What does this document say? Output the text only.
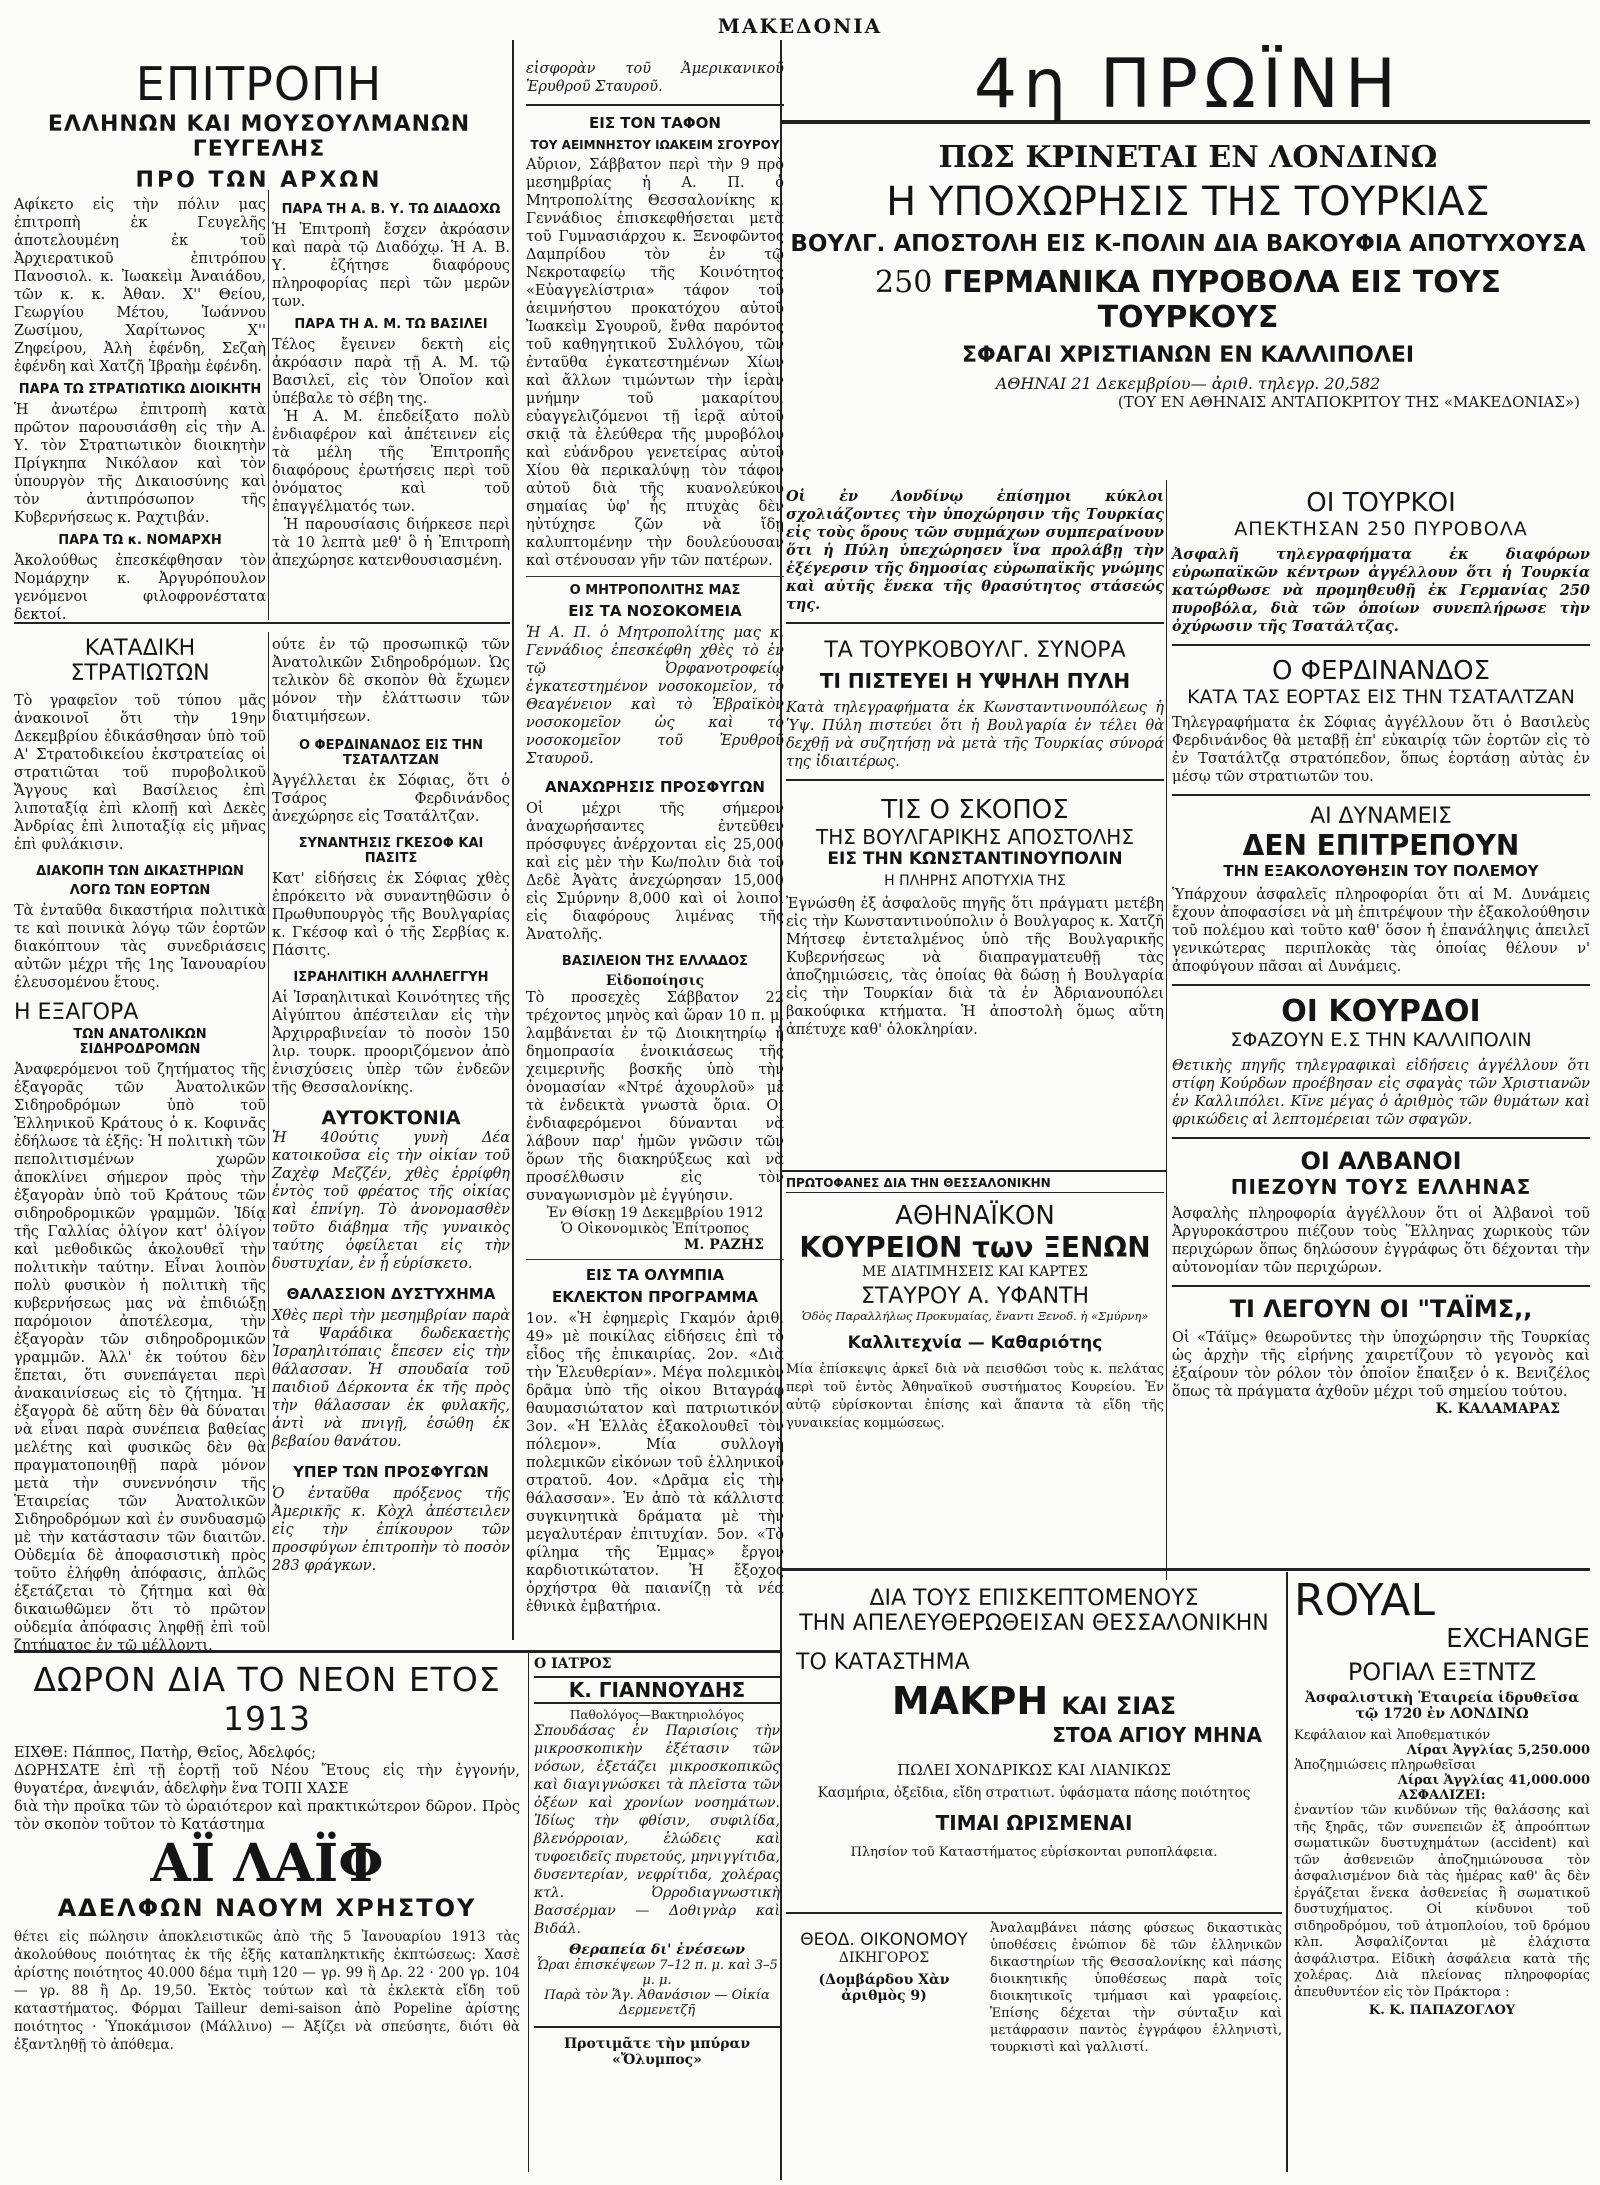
ΜΑΚΕΔΟΝΙΑ
ΕΠΙΤΡΟΠΗ
ΕΛΛΗΝΩΝ ΚΑΙ ΜΟΥΣΟΥΛΜΑΝΩΝ ΓΕΥΓΕΛΗΣ
ΠΡΟ ΤΩΝ ΑΡΧΩΝ

Αφίκετο εἰς τὴν πόλιν μας ἐπιτροπὴ ἐκ Γευγελῆς ἀποτελουμένη ἐκ τοῦ Ἀρχιερατικοῦ ἐπιτρόπου Πανοσιολ. κ. Ἰωακεὶμ Ἀναιάδου, τῶν κ. κ. Ἀθαν. Χ'' Θείου, Γεωργίου Μέτου, Ἰωάννου Ζωσίμου, Χαρίτωνος Χ'' Ζηφείρου, Ἀλὴ ἐφένδη, Σεζαὴ ἐφένδη καὶ Χατζῆ Ἰβραὴμ ἐφένδη.

ΠΑΡΑ ΤΩ ΣΤΡΑΤΙΩΤΙΚΩ ΔΙΟΙΚΗΤΗ

Ἡ ἀνωτέρω ἐπιτροπὴ κατὰ πρῶτον παρουσιάσθη εἰς τὴν Α. Υ. τὸν Στρατιωτικὸν διοικητὴν Πρίγκηπα Νικόλαον καὶ τὸν ὑπουργὸν τῆς Δικαιοσύνης καὶ τὸν ἀντιπρόσωπον τῆς Κυβερνήσεως κ. Ραχτιβάν.

ΠΑΡΑ ΤΩ κ. ΝΟΜΑΡΧΗ

Ἀκολούθως ἐπεσκέφθησαν τὸν Νομάρχην κ. Ἀργυρόπουλον γενόμενοι φιλοφρονέστατα δεκτοί.

ΠΑΡΑ ΤΗ Α. Β. Υ. ΤΩ ΔΙΑΔΟΧΩ

Ἡ Ἐπιτροπὴ ἔσχεν ἀκρόασιν καὶ παρὰ τῷ Διαδόχῳ. Ἡ Α. Β. Υ. ἐζήτησε διαφόρους πληροφορίας περὶ τῶν μερῶν των.

ΠΑΡΑ ΤΗ Α. Μ. ΤΩ ΒΑΣΙΛΕΙ

Τέλος ἔγεινεν δεκτὴ εἰς ἀκρόασιν παρὰ τῇ Α. Μ. τῷ Βασιλεῖ, εἰς τὸν Ὁποῖον καὶ ὑπέβαλε τὸ σέβη της.

Ἡ Α. Μ. ἐπεδείξατο πολὺ ἐνδιαφέρον καὶ ἀπέτεινεν εἰς τὰ μέλη τῆς Ἐπιτροπῆς διαφόρους ἐρωτήσεις περὶ τοῦ ὀνόματος καὶ τοῦ ἐπαγγέλματός των.

Ἡ παρουσίασις διήρκεσε περὶ τὰ 10 λεπτὰ μεθ' ὃ ἡ Ἐπιτροπὴ ἀπεχώρησε κατενθουσιασμένη.

ΚΑΤΑΔΙΚΗ ΣΤΡΑΤΙΩΤΩΝ

Τὸ γραφεῖον τοῦ τύπου μᾶς ἀνακοινοῖ ὅτι τὴν 19ην Δεκεμβρίου ἐδικάσθησαν ὑπὸ τοῦ Α' Στρατοδικείου ἐκστρατείας οἱ στρατιῶται τοῦ πυροβολικοῦ Ἄγγους καὶ Βασίλειος ἐπὶ λιποταξίᾳ ἐπὶ κλοπῇ καὶ Δεκὲς Ἀνδρίας ἐπὶ λιποταξίᾳ εἰς μῆνας ἐπὶ φυλάκισιν.

ΔΙΑΚΟΠΗ ΤΩΝ ΔΙΚΑΣΤΗΡΙΩΝ
ΛΟΓΩ ΤΩΝ ΕΟΡΤΩΝ

Τὰ ἐνταῦθα δικαστήρια πολιτικὰ τε καὶ ποινικὰ λόγῳ τῶν ἑορτῶν διακόπτουν τὰς συνεδριάσεις αὐτῶν μέχρι τῆς 1ης Ἰανουαρίου ἐλευσομένου ἔτους.

Η ΕΞΑΓΟΡΑ
ΤΩΝ ΑΝΑΤΟΛΙΚΩΝ ΣΙΔΗΡΟΔΡΟΜΩΝ

Ἀναφερόμενοι τοῦ ζητήματος τῆς ἐξαγορᾶς τῶν Ἀνατολικῶν Σιδηροδρόμων ὑπὸ τοῦ Ἑλληνικοῦ Κράτους ὁ κ. Κοφινᾶς ἐδήλωσε τὰ ἑξῆς: Ἡ πολιτικὴ τῶν πεπολιτισμένων χωρῶν ἀποκλίνει σήμερον πρὸς τὴν ἐξαγορὰν ὑπὸ τοῦ Κράτους τῶν σιδηροδρομικῶν γραμμῶν. Ἰδίᾳ τῆς Γαλλίας ὀλίγον κατ' ὀλίγον καὶ μεθοδικῶς ἀκολουθεῖ τὴν πολιτικὴν ταύτην. Εἶναι λοιπὸν πολὺ φυσικὸν ἡ πολιτικὴ τῆς κυβερνήσεως μας νὰ ἐπιδιώξῃ παρόμοιον ἀποτέλεσμα, τὴν ἐξαγορὰν τῶν σιδηροδρομικῶν γραμμῶν. Ἀλλ' ἐκ τούτου δὲν ἕπεται, ὅτι συνεπάγεται περὶ ἀνακαινίσεως εἰς τὸ ζήτημα. Ἡ ἐξαγορὰ δὲ αὕτη δὲν θὰ δύναται νὰ εἶναι παρὰ συνέπεια βαθείας μελέτης καὶ φυσικῶς δὲν θὰ πραγματοποιηθῇ παρὰ μόνον μετὰ τὴν συνεννόησιν τῆς Ἑταιρείας τῶν Ἀνατολικῶν Σιδηροδρόμων καὶ ἐν συνδυασμῷ μὲ τὴν κατάστασιν τῶν διαιτῶν. Οὐδεμία δὲ ἀποφασιστικὴ πρὸς τοῦτο ἐλήφθη ἀπόφασις, ἁπλῶς ἐξετάζεται τὸ ζήτημα καὶ θὰ δικαιωθῶμεν ὅτι τὸ πρῶτον οὐδεμία ἀπόφασις ληφθῇ ἐπὶ τοῦ ζητήματος ἐν τῷ μέλλοντι.

ούτε ἐν τῷ προσωπικῷ τῶν Ἀνατολικῶν Σιδηροδρόμων. Ὡς τελικὸν δὲ σκοπὸν θὰ ἔχωμεν μόνον τὴν ἐλάττωσιν τῶν διατιμήσεων.

Ο ΦΕΡΔΙΝΑΝΔΟΣ ΕΙΣ ΤΗΝ ΤΣΑΤΑΛΤΖΑΝ

Ἀγγέλλεται ἐκ Σόφιας, ὅτι ὁ Τσάρος Φερδινάνδος ἀνεχώρησε εἰς Τσατάλτζαν.

ΣΥΝΑΝΤΗΣΙΣ ΓΚΕΣΟΦ ΚΑΙ ΠΑΣΙΤΣ

Κατ' εἰδήσεις ἐκ Σόφιας χθὲς ἐπρόκειτο νὰ συναντηθῶσιν ὁ Πρωθυπουργὸς τῆς Βουλγαρίας κ. Γκέσοφ καὶ ὁ τῆς Σερβίας κ. Πάσιτς.

ΙΣΡΑΗΛΙΤΙΚΗ ΑΛΛΗΛΕΓΓΥΗ

Αἱ Ἰσραηλιτικαὶ Κοινότητες τῆς Αἰγύπτου ἀπέστειλαν εἰς τὴν Ἀρχιρραβινείαν τὸ ποσὸν 150 λιρ. τουρκ. προοριζόμενον ἀπὸ ἐνισχύσεις ὑπὲρ τῶν ἐνδεῶν τῆς Θεσσαλονίκης.

ΑΥΤΟΚΤΟΝΙΑ

Ἡ 40ούτις γυνὴ Δέα κατοικοῦσα εἰς τὴν οἰκίαν τοῦ Ζαχὲφ Μεζζέν, χθὲς ἐρρίφθη ἐντὸς τοῦ φρέατος τῆς οἰκίας καὶ ἐπνίγη. Τὸ ἀνονομασθὲν τοῦτο διάβημα τῆς γυναικὸς ταύτης ὀφείλεται εἰς τὴν δυστυχίαν, ἐν ᾗ εὑρίσκετο.

ΘΑΛΑΣΣΙΟΝ ΔΥΣΤΥΧΗΜΑ

Χθὲς περὶ τὴν μεσημβρίαν παρὰ τὰ Ψαράδικα δωδεκαετὴς Ἰσραηλιτόπαις ἔπεσεν εἰς τὴν θάλασσαν. Ἡ σπουδαία τοῦ παιδιοῦ Δέρκοντα ἐκ τῆς πρὸς τὴν θάλασσαν ἐκ φυλακῆς, ἀντὶ νὰ πνιγῇ, ἐσώθη ἐκ βεβαίου θανάτου.

ΥΠΕΡ ΤΩΝ ΠΡΟΣΦΥΓΩΝ

Ὁ ἐνταῦθα πρόξενος τῆς Ἀμερικῆς κ. Κὸχλ ἀπέστειλεν εἰς τὴν ἐπίκουρον τῶν προσφύγων ἐπιτροπὴν τὸ ποσὸν 283 φράγκων.

εἰσφορὰν τοῦ Ἀμερικανικοῦ Ἐρυθροῦ Σταυροῦ.

ΕΙΣ ΤΟΝ ΤΑΦΟΝ
ΤΟΥ ΑΕΙΜΝΗΣΤΟΥ ΙΩΑΚΕΙΜ ΣΓΟΥΡΟΥ

Αὔριον, Σάββατον περὶ τὴν 9 πρὸ μεσημβρίας ἡ Α. Π. ὁ Μητροπολίτης Θεσσαλονίκης κ. Γεννάδιος ἐπισκεφθήσεται μετὰ τοῦ Γυμνασιάρχου κ. Ξενοφῶντος Δαμπρίδου τὸν ἐν τῷ Νεκροταφείῳ τῆς Κοινότητος «Εὐαγγελίστρια» τάφον τοῦ ἀειμνήστου προκατόχου αὐτοῦ Ἰωακεὶμ Σγουροῦ, ἔνθα παρόντος τοῦ καθηγητικοῦ Συλλόγου, τῶν ἐνταῦθα ἐγκατεστημένων Χίων καὶ ἄλλων τιμώντων τὴν ἱερὰν μνήμην τοῦ μακαρίτου, εὐαγγελιζόμενοι τῇ ἱερᾷ αὐτοῦ σκιᾷ τὰ ἐλεύθερα τῆς μυροβόλου καὶ εὐάνδρου γενετείρας αὐτοῦ Χίου θὰ περικαλύψῃ τὸν τάφον αὐτοῦ διὰ τῆς κυανολεύκου σημαίας ὑφ' ἧς πτυχὰς δὲν ηὐτύχησε ζῶν νὰ ἴδῃ καλυπτομένην τὴν δουλεύουσαν καὶ στένουσαν γῆν τῶν πατέρων.

Ο ΜΗΤΡΟΠΟΛΙΤΗΣ ΜΑΣ
ΕΙΣ ΤΑ ΝΟΣΟΚΟΜΕΙΑ

Ἡ Α. Π. ὁ Μητροπολίτης μας κ. Γεννάδιος ἐπεσκέφθη χθὲς τὸ ἐν τῷ Ὀρφανοτροφείῳ ἐγκατεστημένον νοσοκομεῖον, τὸ Θεαγένειον καὶ τὸ Ἐβραϊκὸν νοσοκομεῖον ὡς καὶ τὸ νοσοκομεῖον τοῦ Ἐρυθροῦ Σταυροῦ.

ΑΝΑΧΩΡΗΣΙΣ ΠΡΟΣΦΥΓΩΝ

Οἱ μέχρι τῆς σήμερον ἀναχωρήσαντες ἐντεῦθεν πρόσφυγες ἀνέρχονται εἰς 25,000 καὶ εἰς μὲν τὴν Κω/πολιν διὰ τοῦ Δεδὲ Ἀγὰτς ἀνεχώρησαν 15,000 εἰς Σμύρνην 8,000 καὶ οἱ λοιποὶ εἰς διαφόρους λιμένας τῆς Ἀνατολῆς.

ΒΑΣΙΛΕΙΟΝ ΤΗΣ ΕΛΛΑΔΟΣ
Εἰδοποίησις

Τὸ προσεχὲς Σάββατον 22 τρέχοντος μηνὸς καὶ ὥραν 10 π. μ. λαμβάνεται ἐν τῷ Διοικητηρίῳ ἡ δημοπρασία ἐνοικιάσεως τῆς χειμερινῆς βοσκῆς ὑπὸ τὴν ὀνομασίαν «Ντρέ ἀχουρλοῦ» μὲ τὰ ἐνδεικτὰ γνωστὰ ὅρια. Οἱ ἐνδιαφερόμενοι δύνανται νὰ λάβουν παρ' ἡμῶν γνῶσιν τῶν ὅρων τῆς διακηρύξεως καὶ νὰ προσέλθωσιν εἰς τὸν συναγωνισμὸν μὲ ἐγγύησιν.

Ἐν Θίσκῃ 19 Δεκεμβρίου 1912
Ὁ Οἰκονομικὸς Ἐπίτροπος
Μ. ΡΑΖΗΣ
ΕΙΣ ΤΑ ΟΛΥΜΠΙΑ
ΕΚΛΕΚΤΟΝ ΠΡΟΓΡΑΜΜΑ

1ον. «Ἡ ἐφημερὶς Γκαμόν ἀριθ. 49» μὲ ποικίλας εἰδήσεις ἐπὶ τὸ εἶδος τῆς ἐπικαιρίας. 2ον. «Διὰ τὴν Ἐλευθερίαν». Μέγα πολεμικὸν δρᾶμα ὑπὸ τῆς οἰκου Βιταγράφ θαυμασιώτατον καὶ πατριωτικόν. 3ον. «Ἡ Ἑλλὰς ἐξακολουθεῖ τὸν πόλεμον». Μία συλλογὴ πολεμικῶν εἰκόνων τοῦ ἑλληνικοῦ στρατοῦ. 4ον. «Δρᾶμα εἰς τὴν θάλασσαν». Ἐν ἀπὸ τὰ κάλλιστα συγκινητικὰ δράματα μὲ τὴν μεγαλυτέραν ἐπιτυχίαν. 5ον. «Τὸ φίλημα τῆς Ἐμμας» ἔργον καρδιοτικώτατον. Ἡ ἔξοχος ὀρχήστρα θὰ παιανίζῃ τὰ νέα ἐθνικὰ ἐμβατήρια.

Ο ΙΑΤΡΟΣ
Κ. ΓΙΑΝΝΟΥΔΗΣ
Παθολόγος—Βακτηριολόγος

Σπουδάσας ἐν Παρισίοις τὴν μικροσκοπικὴν ἐξέτασιν τῶν νόσων, ἐξετάζει μικροσκοπικῶς καὶ διαγιγνώσκει τὰ πλεῖστα τῶν ὀξέων καὶ χρονίων νοσημάτων. Ἰδίως τὴν φθίσιν, συφιλίδα, βλενόρροιαν, ἑλώδεις καὶ τυφοειδεῖς πυρετούς, μηνιγγίτιδα, δυσεντερίαν, νεφρίτιδα, χολέρας κτλ. Ὀρροδιαγνωστικὴ Βασσέρμαν — Δοθιγνὰρ καὶ Βιδάλ.

Θεραπεία δι' ἐνέσεων
Ὧραι ἐπισκέψεων 7–12 π. μ. καὶ 3–5 μ. μ.
Παρὰ τὸν Ἅγ. Ἀθανάσιον — Οἰκία Δερμενετζῆ
Προτιμᾶτε τὴν μπύραν «Ὄλυμπος»
ΔΩΡΟΝ ΔΙΑ ΤΟ ΝΕΟΝ ΕΤΟΣ 1913

ΕΙΧΘΕ: Πάππος, Πατὴρ, Θεῖος, Ἀδελφός;

ΔΩΡΗΣΑΤΕ ἐπὶ τῇ ἑορτῇ τοῦ Νέου Ἔτους εἰς τὴν ἐγγονήν, θυγατέρα, ἀνεψιάν, ἀδελφὴν ἕνα ΤΟΠΙ ΧΑΣΕ

διὰ τὴν προῖκα τῶν τὸ ὡραιότερον καὶ πρακτικώτερον δῶρον. Πρὸς τὸν σκοπὸν τοῦτον τὸ Κατάστημα

ΑΪ ΛΑΪΦ
ΑΔΕΛΦΩΝ ΝΑΟΥΜ ΧΡΗΣΤΟΥ

θέτει εἰς πώλησιν ἀποκλειστικῶς ἀπὸ τῆς 5 Ἰανουαρίου 1913 τὰς ἀκολούθους ποιότητας ἐκ τῆς ἐξῆς καταπληκτικῆς ἐκπτώσεως: Χασὲ ἀρίστης ποιότητος 40.000 δέμα τιμὴ 120 — γρ. 99 ἢ Δρ. 22 · 200 γρ. 104 — γρ. 88 ἢ Δρ. 19,50. Ἐκτὸς τούτων καὶ τὰ ἐκλεκτὰ εἴδη τοῦ καταστήματος. Φόρμαι Tailleur demi-saison ἀπὸ Popeline ἀρίστης ποιότητος · Ὑποκάμισον (Μάλλινο) — Ἀξίζει νὰ σπεύσητε, διότι θὰ ἐξαντληθῇ τὸ ἀπόθεμα.

4η ΠΡΩΪΝΗ
ΠΩΣ ΚΡΙΝΕΤΑΙ ΕΝ ΛΟΝΔΙΝΩ
Η ΥΠΟΧΩΡΗΣΙΣ ΤΗΣ ΤΟΥΡΚΙΑΣ
ΒΟΥΛΓ. ΑΠΟΣΤΟΛΗ ΕΙΣ Κ-ΠΟΛΙΝ ΔΙΑ ΒΑΚΟΥΦΙΑ ΑΠΟΤΥΧΟΥΣΑ
250 ΓΕΡΜΑΝΙΚΑ ΠΥΡΟΒΟΛΑ ΕΙΣ ΤΟΥΣ ΤΟΥΡΚΟΥΣ
ΣΦΑΓΑΙ ΧΡΙΣΤΙΑΝΩΝ ΕΝ ΚΑΛΛΙΠΟΛΕΙ
ΑΘΗΝΑΙ 21 Δεκεμβρίου— ἀριθ. τηλεγρ. 20,582
(ΤΟΥ ΕΝ ΑΘΗΝΑΙΣ ΑΝΤΑΠΟΚΡΙΤΟΥ ΤΗΣ «ΜΑΚΕΔΟΝΙΑΣ»)

Οἱ ἐν Λονδίνῳ ἐπίσημοι κύκλοι σχολιάζοντες τὴν ὑποχώρησιν τῆς Τουρκίας εἰς τοὺς ὅρους τῶν συμμάχων συμπεραίνουν ὅτι ἡ Πύλη ὑπεχώρησεν ἵνα προλάβῃ τὴν ἐξέγερσιν τῆς δημοσίας εὐρωπαϊκῆς γνώμης καὶ αὐτῆς ἕνεκα τῆς θρασύτητος στάσεώς της.

ΤΑ ΤΟΥΡΚΟΒΟΥΛΓ. ΣΥΝΟΡΑ
ΤΙ ΠΙΣΤΕΥΕΙ Η ΥΨΗΛΗ ΠΥΛΗ

Κατὰ τηλεγραφήματα ἐκ Κωνσταντινουπόλεως ἡ Ὑψ. Πύλη πιστεύει ὅτι ἡ Βουλγαρία ἐν τέλει θὰ δεχθῇ νὰ συζητήσῃ νὰ μετὰ τῆς Τουρκίας σύνορά της ἰδιαιτέρως.

ΤΙΣ Ο ΣΚΟΠΟΣ
ΤΗΣ ΒΟΥΛΓΑΡΙΚΗΣ ΑΠΟΣΤΟΛΗΣ
ΕΙΣ ΤΗΝ ΚΩΝΣΤΑΝΤΙΝΟΥΠΟΛΙΝ
Η ΠΛΗΡΗΣ ΑΠΟΤΥΧΙΑ ΤΗΣ

Ἐγνώσθη ἐξ ἀσφαλοῦς πηγῆς ὅτι πράγματι μετέβη εἰς τὴν Κωνσταντινούπολιν ὁ Βουλγαρος κ. Χατζῆ Μήτσεφ ἐντεταλμένος ὑπὸ τῆς Βουλγαρικῆς Κυβερνήσεως νὰ διαπραγματευθῇ τὰς ἀποζημιώσεις, τὰς ὁποίας θὰ δώσῃ ἡ Βουλγαρία εἰς τὴν Τουρκίαν διὰ τὰ ἐν Ἀδριανουπόλει βακούφικα κτήματα. Ἡ ἀποστολὴ ὅμως αὕτη ἀπέτυχε καθ' ὁλοκληρίαν.

ΠΡΩΤΟΦΑΝΕΣ ΔΙΑ ΤΗΝ ΘΕΣΣΑΛΟΝΙΚΗΝ
ΑΘΗΝΑΪΚΟΝ
ΚΟΥΡΕΙΟΝ των ΞΕΝΩΝ
ΜΕ ΔΙΑΤΙΜΗΣΕΙΣ ΚΑΙ ΚΑΡΤΕΣ
ΣΤΑΥΡΟΥ Α. ΥΦΑΝΤΗ
Ὁδὸς Παραλλήλως Προκυμαίας, ἔναντι Ξενοδ. ἡ «Σμύρνη»
Καλλιτεχνία — Καθαριότης

Μία ἐπίσκεψις ἀρκεῖ διὰ νὰ πεισθῶσι τοὺς κ. πελάτας περὶ τοῦ ἐντὸς Ἀθηναϊκοῦ συστήματος Κουρείου. Ἐν αὐτῷ εὑρίσκονται ἐπίσης καὶ ἅπαντα τὰ εἴδη τῆς γυναικείας κομμώσεως.

ΟΙ ΤΟΥΡΚΟΙ
ΑΠΕΚΤΗΣΑΝ 250 ΠΥΡΟΒΟΛΑ

Ἀσφαλῆ τηλεγραφήματα ἐκ διαφόρων εὐρωπαϊκῶν κέντρων ἀγγέλλουν ὅτι ἡ Τουρκία κατώρθωσε νὰ προμηθευθῇ ἐκ Γερμανίας 250 πυροβόλα, διὰ τῶν ὁποίων συνεπλήρωσε τὴν ὀχύρωσιν τῆς Τσατάλτζας.

Ο ΦΕΡΔΙΝΑΝΔΟΣ
ΚΑΤΑ ΤΑΣ ΕΟΡΤΑΣ ΕΙΣ ΤΗΝ ΤΣΑΤΑΛΤΖΑΝ

Τηλεγραφήματα ἐκ Σόφιας ἀγγέλλουν ὅτι ὁ Βασιλεὺς Φερδινάνδος θὰ μεταβῇ ἐπ' εὐκαιρίᾳ τῶν ἑορτῶν εἰς τὸ ἐν Τσατάλτζᾳ στρατόπεδον, ὅπως ἑορτάσῃ αὐτὰς ἐν μέσῳ τῶν στρατιωτῶν του.

ΑΙ ΔΥΝΑΜΕΙΣ
ΔΕΝ ΕΠΙΤΡΕΠΟΥΝ
ΤΗΝ ΕΞΑΚΟΛΟΥΘΗΣΙΝ ΤΟΥ ΠΟΛΕΜΟΥ

Ὑπάρχουν ἀσφαλεῖς πληροφορίαι ὅτι αἱ Μ. Δυνάμεις ἔχουν ἀποφασίσει νὰ μὴ ἐπιτρέψουν τὴν ἐξακολούθησιν τοῦ πολέμου καὶ τοῦτο καθ' ὅσον ἡ ἐπανάληψις ἀπειλεῖ γενικώτερας περιπλοκὰς τὰς ὁποίας θέλουν ν' ἀποφύγουν πᾶσαι αἱ Δυνάμεις.

ΟΙ ΚΟΥΡΔΟΙ
ΣΦΑΖΟΥΝ Ε.Σ ΤΗΝ ΚΑΛΛΙΠΟΛΙΝ

Θετικὴς πηγῆς τηλεγραφικαὶ εἰδήσεις ἀγγέλλουν ὅτι στίφη Κούρδων προέβησαν εἰς σφαγὰς τῶν Χριστιανῶν ἐν Καλλιπόλει. Κῖνε μέγας ὁ ἀριθμὸς τῶν θυμάτων καὶ φρικώδεις αἱ λεπτομέρειαι τῶν σφαγῶν.

ΟΙ ΑΛΒΑΝΟΙ
ΠΙΕΖΟΥΝ ΤΟΥΣ ΕΛΛΗΝΑΣ

Ἀσφαλὴς πληροφορία ἀγγέλλουν ὅτι οἱ Ἀλβανοὶ τοῦ Ἀργυροκάστρου πιέζουν τοὺς Ἕλληνας χωρικοὺς τῶν περιχώρων ὅπως δηλώσουν ἐγγράφως ὅτι δέχονται τὴν αὐτονομίαν τῶν περιχώρων.

ΤΙ ΛΕΓΟΥΝ ΟΙ "ΤΑΪΜΣ,,

Οἱ «Τάϊμς» θεωροῦντες τὴν ὑποχώρησιν τῆς Τουρκίας ὡς ἀρχὴν τῆς εἰρήνης χαιρετίζουν τὸ γεγονὸς καὶ ἐξαίρουν τὸν ρόλον τὸν ὁποῖον ἔπαιξεν ὁ κ. Βενιζέλος ὅπως τὰ πράγματα ἀχθοῦν μέχρι τοῦ σημείου τούτου.

Κ. ΚΑΛΑΜΑΡΑΣ
ΔΙΑ ΤΟΥΣ ΕΠΙΣΚΕΠΤΟΜΕΝΟΥΣ
ΤΗΝ ΑΠΕΛΕΥΘΕΡΩΘΕΙΣΑΝ ΘΕΣΣΑΛΟΝΙΚΗΝ
ΤΟ ΚΑΤΑΣΤΗΜΑ
ΜΑΚΡΗ ΚΑΙ ΣΙΑΣ
ΣΤΟΑ ΑΓΙΟΥ ΜΗΝΑ
ΠΩΛΕΙ ΧΟΝΔΡΙΚΩΣ ΚΑΙ ΛΙΑΝΙΚΩΣ
Κασμήρια, ὀξεῖδια, εἴδη στρατιωτ. ὑφάσματα πάσης ποιότητος
ΤΙΜΑΙ ΩΡΙΣΜΕΝΑΙ
Πλησίον τοῦ Καταστήματος εὑρίσκονται ρυποπλάφεια.
ΘΕΟΔ. ΟΙΚΟΝΟΜΟΥ
ΔΙΚΗΓΟΡΟΣ
(Δομβάρδου Χὰν ἀριθμὸς 9)

Ἀναλαμβάνει πάσης φύσεως δικαστικὰς ὑποθέσεις ἐνώπιον δὲ τῶν ἑλληνικῶν δικαστηρίων τῆς Θεσσαλονίκης καὶ πάσης διοικητικῆς ὑποθέσεως παρὰ τοῖς διοικητικοῖς τμήμασι καὶ γραφείοις. Ἐπίσης δέχεται τὴν σύνταξιν καὶ μετάφρασιν παντὸς ἐγγράφου ἑλληνιστὶ, τουρκιστὶ καὶ γαλλιστί.

ROYAL
EXCHANGE
ΡΟΓΙΑΛ ΕΞΤΝΤΖ
Ἀσφαλιστικὴ Ἑταιρεία ἱδρυθεῖσα τῷ 1720 ἐν ΛΟΝΔΙΝΩ
Κεφάλαιον καὶ Ἀποθεματικόν
Λίραι Ἀγγλίας 5,250.000
Ἀποζημιώσεις πληρωθεῖσαι
Λίραι Ἀγγλίας 41,000.000
ΑΣΦΑΛΙΖΕΙ:

ἐναντίον τῶν κινδύνων τῆς θαλάσσης καὶ τῆς ξηρᾶς, τῶν συνεπειῶν ἐξ ἀπροόπτων σωματικῶν δυστυχημάτων (accident) καὶ τῶν ἀσθενειῶν ἀποζημιώνουσα τὸν ἀσφαλισμένον διὰ τὰς ἡμέρας καθ' ἃς δὲν ἐργάζεται ἕνεκα ἀσθενείας ἢ σωματικοῦ δυστυχήματος. Οἱ κίνδυνοι τοῦ σιδηροδρόμου, τοῦ ἀτμοπλοίου, τοῦ δρόμου κλπ. Ἀσφαλίζονται μὲ ἐλάχιστα ἀσφάλιστρα. Εἰδικὴ ἀσφάλεια κατὰ τῆς χολέρας. Διὰ πλείονας πληροφορίας ἀπευθυντέον εἰς τὸν Πράκτορα :

Κ. Κ. ΠΑΠΑΖΟΓΛΟΥ
